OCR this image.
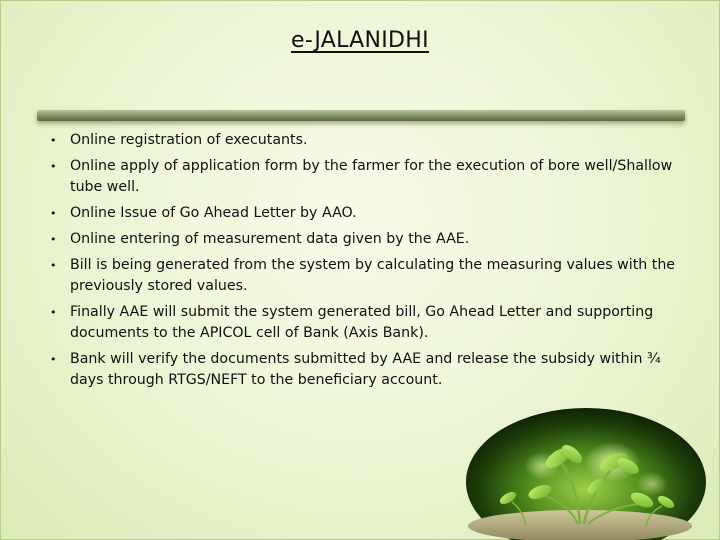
e-JALANIDHI
• Online registration of executants.
• Online apply of application form by the farmer for the execution of bore well/Shallow tube well.
• Online Issue of Go Ahead Letter by AAO.
• Online entering of measurement data given by the AAE.
• Bill is being generated from the system by calculating the measuring values with the previously stored values.
• Finally AAE will submit the system generated bill, Go Ahead Letter and supporting documents to the APICOL cell of Bank (Axis Bank).
• Bank will verify the documents submitted by AAE and release the subsidy within ¾ days through RTGS/NEFT to the beneficiary account.
